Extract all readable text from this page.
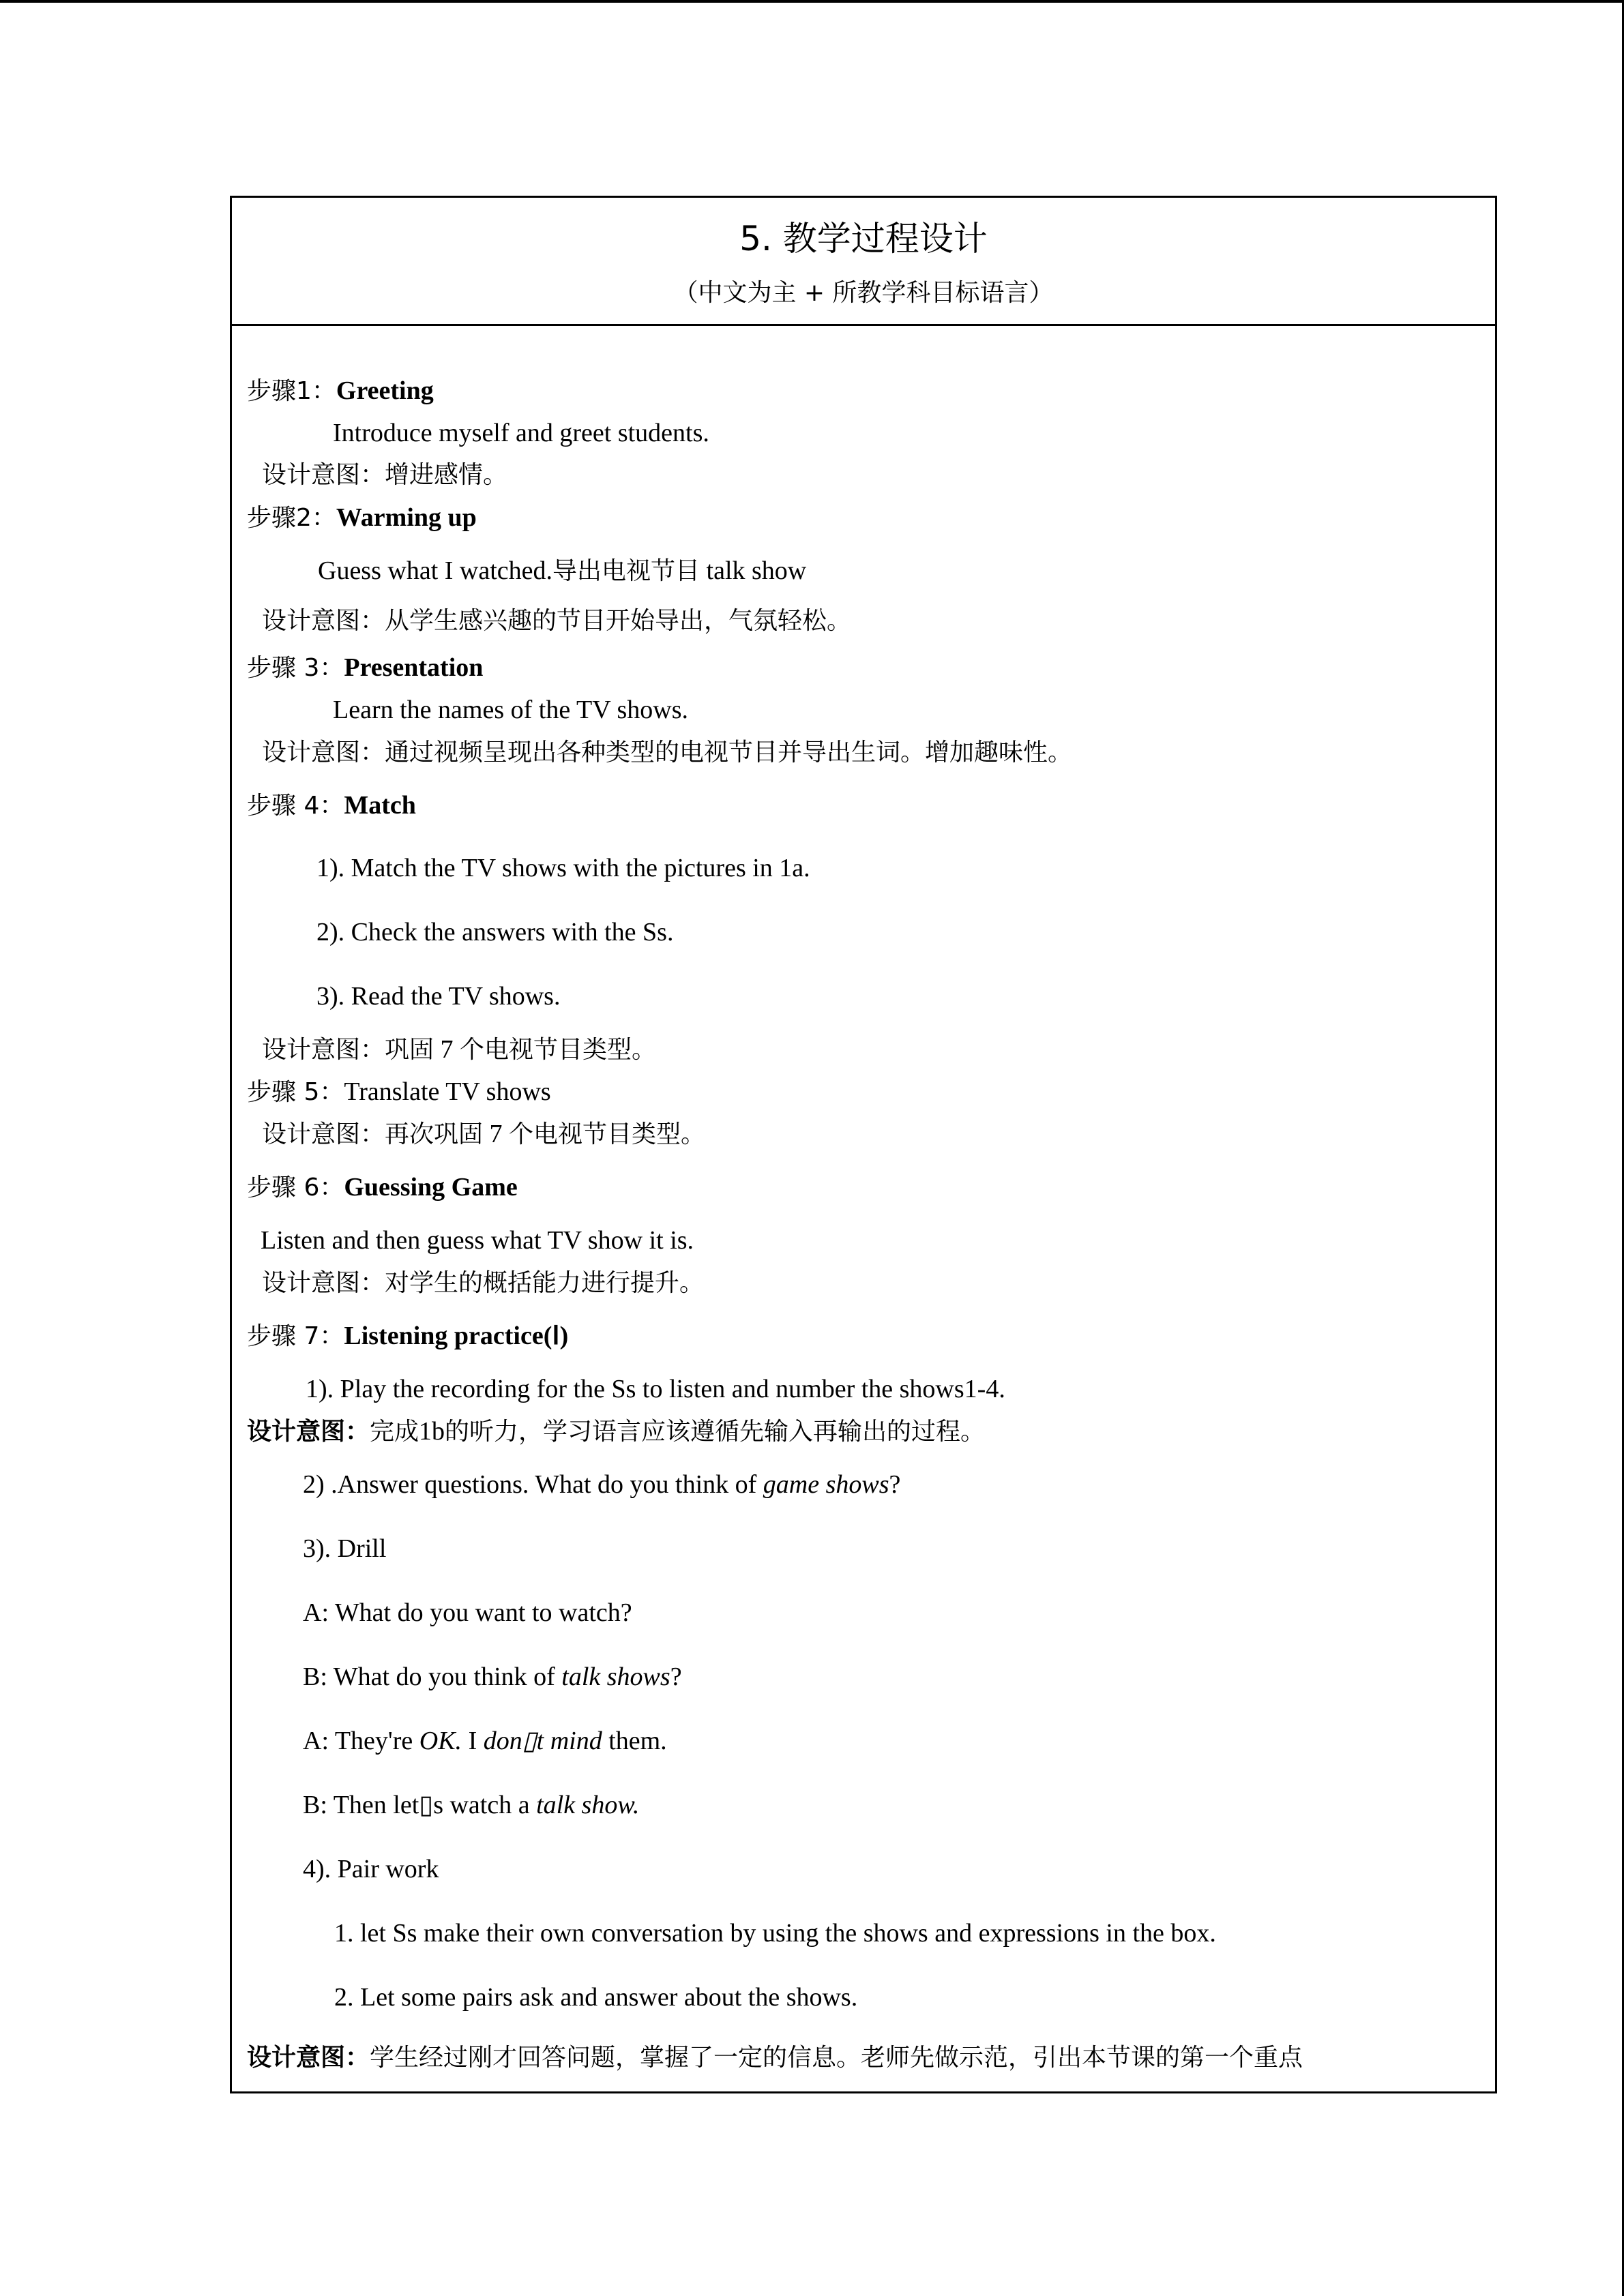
5. 教学过程设计
（中文为主 + 所教学科目标语言）
步骤1：Greeting
Introduce myself and greet students.
设计意图：增进感情。
步骤2：Warming up
Guess what I watched.导出电视节目 talk show
设计意图：从学生感兴趣的节目开始导出，气氛轻松。
步骤 3：Presentation
Learn the names of the TV shows.
设计意图：通过视频呈现出各种类型的电视节目并导出生词。增加趣味性。
步骤 4：Match
1). Match the TV shows with the pictures in 1a.
2). Check the answers with the Ss.
3). Read the TV shows.
设计意图：巩固 7 个电视节目类型。
步骤 5：Translate TV shows
设计意图：再次巩固 7 个电视节目类型。
步骤 6：Guessing Game
Listen and then guess what TV show it is.
设计意图：对学生的概括能力进行提升。
步骤 7：Listening practice(Ⅰ)
1). Play the recording for the Ss to listen and number the shows1-4.
设计意图：完成1b的听力，学习语言应该遵循先输入再输出的过程。
2) .Answer questions. What do you think of game shows?
3). Drill
A: What do you want to watch?
B: What do you think of talk shows?
A: They're OK. I don▯t mind them.
B: Then let▯s watch a talk show.
4). Pair work
1. let Ss make their own conversation by using the shows and expressions in the box.
2. Let some pairs ask and answer about the shows.
设计意图：学生经过刚才回答问题，掌握了一定的信息。老师先做示范，引出本节课的第一个重点
